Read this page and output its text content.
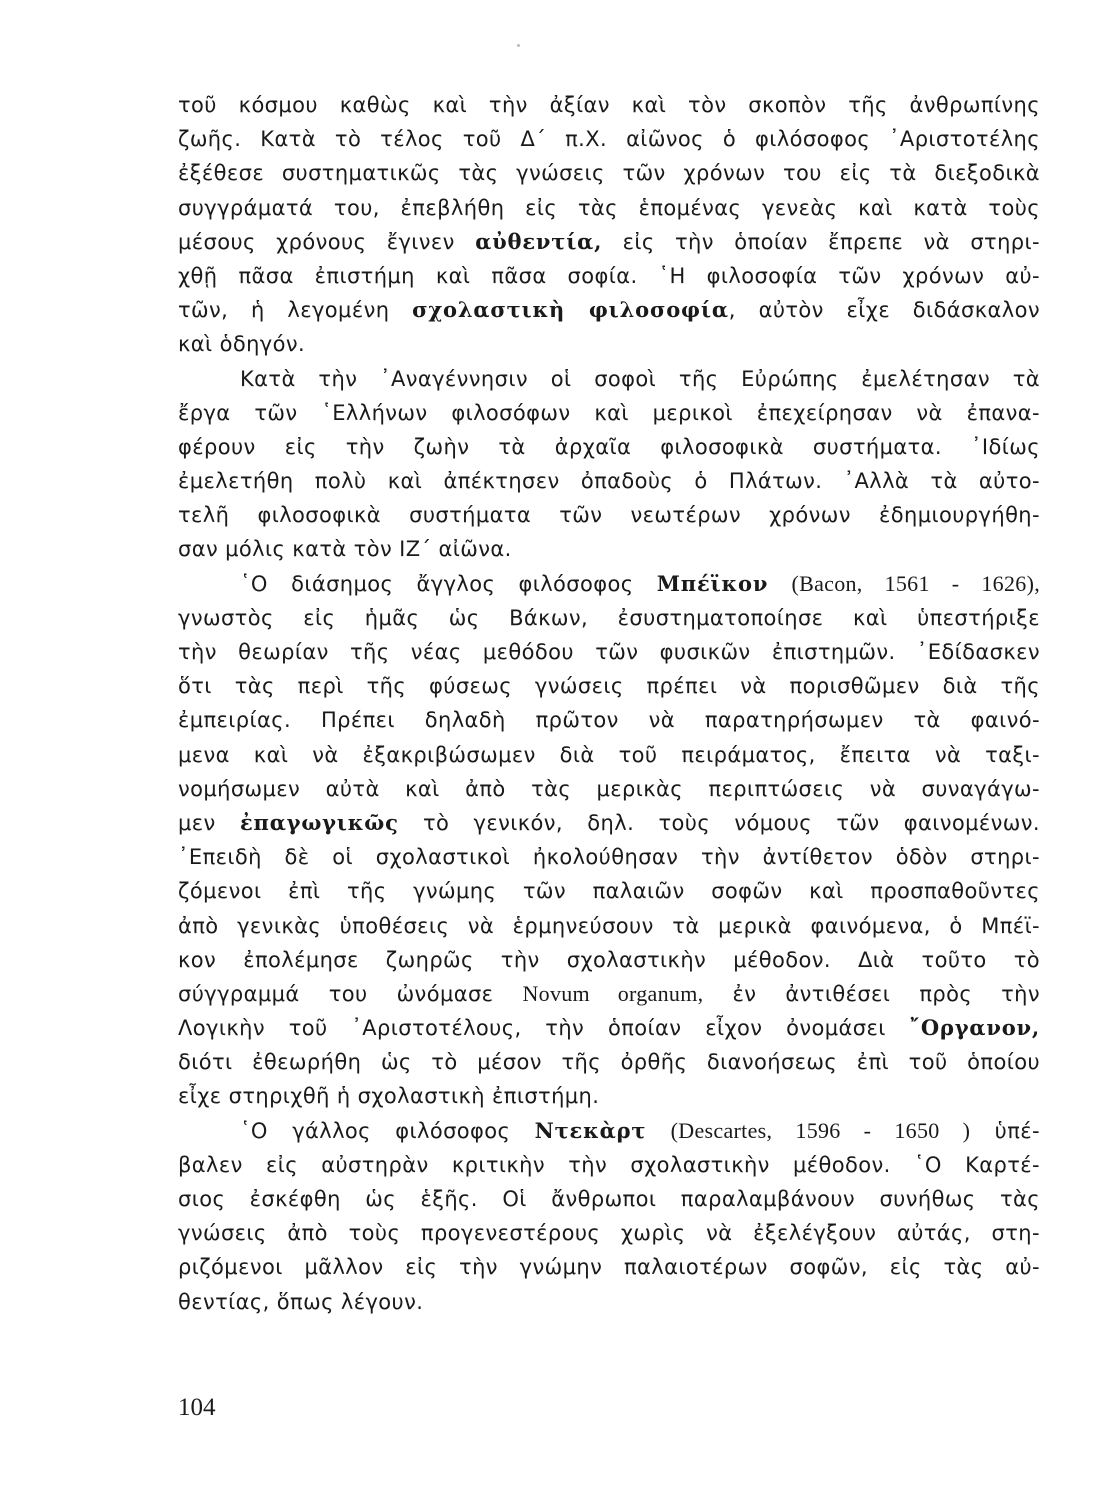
τοῦ κόσμου καθὼς καὶ τὴν ἀξίαν καὶ τὸν σκοπὸν τῆς ἀνθρωπίνης
ζωῆς. Κατὰ τὸ τέλος τοῦ Δ΄ π.Χ. αἰῶνος ὁ φιλόσοφος ᾿Αριστοτέλης
ἐξέθεσε συστηματικῶς τὰς γνώσεις τῶν χρόνων του εἰς τὰ διεξοδικὰ
συγγράματά του, ἐπεβλήθη εἰς τὰς ἑπομένας γενεὰς καὶ κατὰ τοὺς
μέσους χρόνους ἔγινεν αὐθεντία, εἰς τὴν ὁποίαν ἔπρεπε νὰ στηρι-
χθῇ πᾶσα ἐπιστήμη καὶ πᾶσα σοφία. ῾Η φιλοσοφία τῶν χρόνων αὐ-
τῶν, ἡ λεγομένη σχολαστικὴ φιλοσοφία, αὐτὸν εἶχε διδάσκαλον
καὶ ὁδηγόν.
Κατὰ τὴν ᾿Αναγέννησιν οἱ σοφοὶ τῆς Εὐρώπης ἐμελέτησαν τὰ
ἔργα τῶν ῾Ελλήνων φιλοσόφων καὶ μερικοὶ ἐπεχείρησαν νὰ ἐπανα-
φέρουν εἰς τὴν ζωὴν τὰ ἀρχαῖα φιλοσοφικὰ συστήματα. ᾿Ιδίως
ἐμελετήθη πολὺ καὶ ἀπέκτησεν ὀπαδοὺς ὁ Πλάτων. ᾿Αλλὰ τὰ αὐτο-
τελῆ φιλοσοφικὰ συστήματα τῶν νεωτέρων χρόνων ἐδημιουργήθη-
σαν μόλις κατὰ τὸν ΙΖ΄ αἰῶνα.
῾Ο διάσημος ἄγγλος φιλόσοφος Μπέϊκον (Bacon, 1561 - 1626),
γνωστὸς εἰς ἡμᾶς ὡς Βάκων, ἐσυστηματοποίησε καὶ ὑπεστήριξε
τὴν θεωρίαν τῆς νέας μεθόδου τῶν φυσικῶν ἐπιστημῶν. ᾿Εδίδασκεν
ὅτι τὰς περὶ τῆς φύσεως γνώσεις πρέπει νὰ πορισθῶμεν διὰ τῆς
ἐμπειρίας. Πρέπει δηλαδὴ πρῶτον νὰ παρατηρήσωμεν τὰ φαινό-
μενα καὶ νὰ ἐξακριβώσωμεν διὰ τοῦ πειράματος, ἔπειτα νὰ ταξι-
νομήσωμεν αὐτὰ καὶ ἀπὸ τὰς μερικὰς περιπτώσεις νὰ συναγάγω-
μεν ἐπαγωγικῶς τὸ γενικόν, δηλ. τοὺς νόμους τῶν φαινομένων.
᾿Επειδὴ δὲ οἱ σχολαστικοὶ ἠκολούθησαν τὴν ἀντίθετον ὁδὸν στηρι-
ζόμενοι ἐπὶ τῆς γνώμης τῶν παλαιῶν σοφῶν καὶ προσπαθοῦντες
ἀπὸ γενικὰς ὑποθέσεις νὰ ἑρμηνεύσουν τὰ μερικὰ φαινόμενα, ὁ Μπέϊ-
κον ἐπολέμησε ζωηρῶς τὴν σχολαστικὴν μέθοδον. Διὰ τοῦτο τὸ
σύγγραμμά του ὠνόμασε Novum organum, ἐν ἀντιθέσει πρὸς τὴν
Λογικὴν τοῦ ᾿Αριστοτέλους, τὴν ὁποίαν εἶχον ὀνομάσει ῎Οργανον,
διότι ἐθεωρήθη ὡς τὸ μέσον τῆς ὀρθῆς διανοήσεως ἐπὶ τοῦ ὁποίου
εἶχε στηριχθῆ ἡ σχολαστικὴ ἐπιστήμη.
῾Ο γάλλος φιλόσοφος Ντεκὰρτ (Descartes, 1596 - 1650 ) ὑπέ-
βαλεν εἰς αὐστηρὰν κριτικὴν τὴν σχολαστικὴν μέθοδον. ῾Ο Καρτέ-
σιος ἐσκέφθη ὡς ἑξῆς. Οἱ ἄνθρωποι παραλαμβάνουν συνήθως τὰς
γνώσεις ἀπὸ τοὺς προγενεστέρους χωρὶς νὰ ἐξελέγξουν αὐτάς, στη-
ριζόμενοι μᾶλλον εἰς τὴν γνώμην παλαιοτέρων σοφῶν, εἰς τὰς αὐ-
θεντίας, ὅπως λέγουν.
104
